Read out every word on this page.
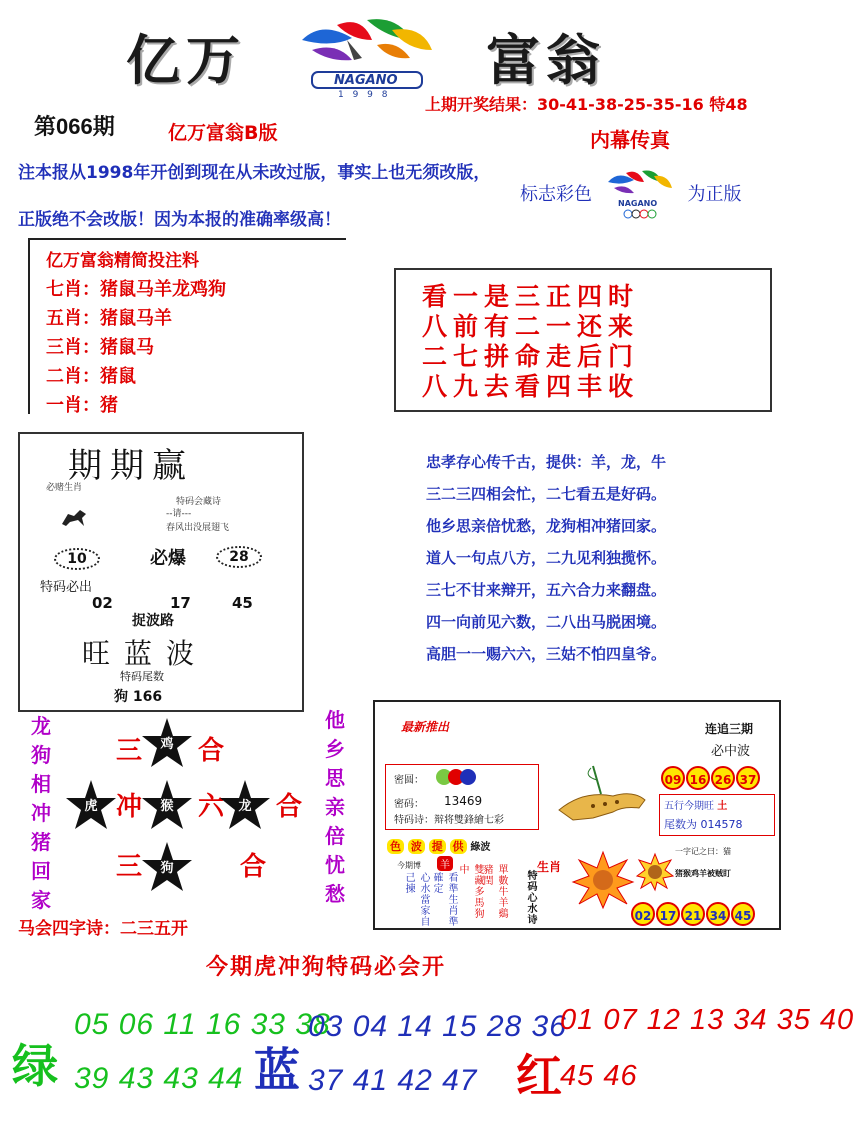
亿万	富翁
NAGANO
1 9 9 8
第066期	亿万富翁B版
上期开奖结果：30-41-38-25-35-16 特48
内幕传真
注本报从1998年开创到现在从未改过版，事实上也无须改版，
正版绝不会改版！因为本报的准确率级高！
标志彩色	NAGANO 为正版
亿万富翁精简投注料
七肖：猪鼠马羊龙鸡狗
五肖：猪鼠马羊
三肖：猪鼠马
二肖：猪鼠
一肖：猪
看一是三正四时
八前有二一还来
二七拼命走后门
八九去看四丰收
期期赢
必赌生肖
特码会藏诗
--请---
春风出没展翅飞
10	必爆	28
特码必出
02	17	45
捉波路
旺蓝波
特码尾数
狗 166
忠孝存心传千古，提供：羊，龙，牛
三二三四相会忙，二七看五是好码。
他乡思亲倍忧愁，龙狗相冲猪回家。
道人一句点八方，二九见利独揽怀。
三七不甘来辩开，五六合力来翻盘。
四一向前见六数，二八出马脱困境。
高胆一一赐六六，三姑不怕四皇爷。
龙狗相冲猪回家
他乡思亲倍忧愁
三 合
冲 六 合
三	合
鸡
虎	猴	龙
狗
马会四字诗：二三五开
今期虎冲狗特码必会开
最新推出	连追三期
必中波
密圆：
密码： 13469
特码诗： 辩将雙鋒繪七彩
09 16 26 37
五行今期旺 土
尾数为 014578
色 波 提 供 綠波
今期博	羊
心水當家自己揀	看準生肖準確定	雙藏多馬狗中	單數牛羊鷄豬閏	生肖
特码心水诗
一字记之曰：猫
猪猴鸡羊被贼盯
02 17 21 34 45
绿
05 06 11 16 33 38
39 43 43 44 蓝
03 04 14 15 28 36
37 41 42 47 红
01 07 12 13 34 35 40
45 46
